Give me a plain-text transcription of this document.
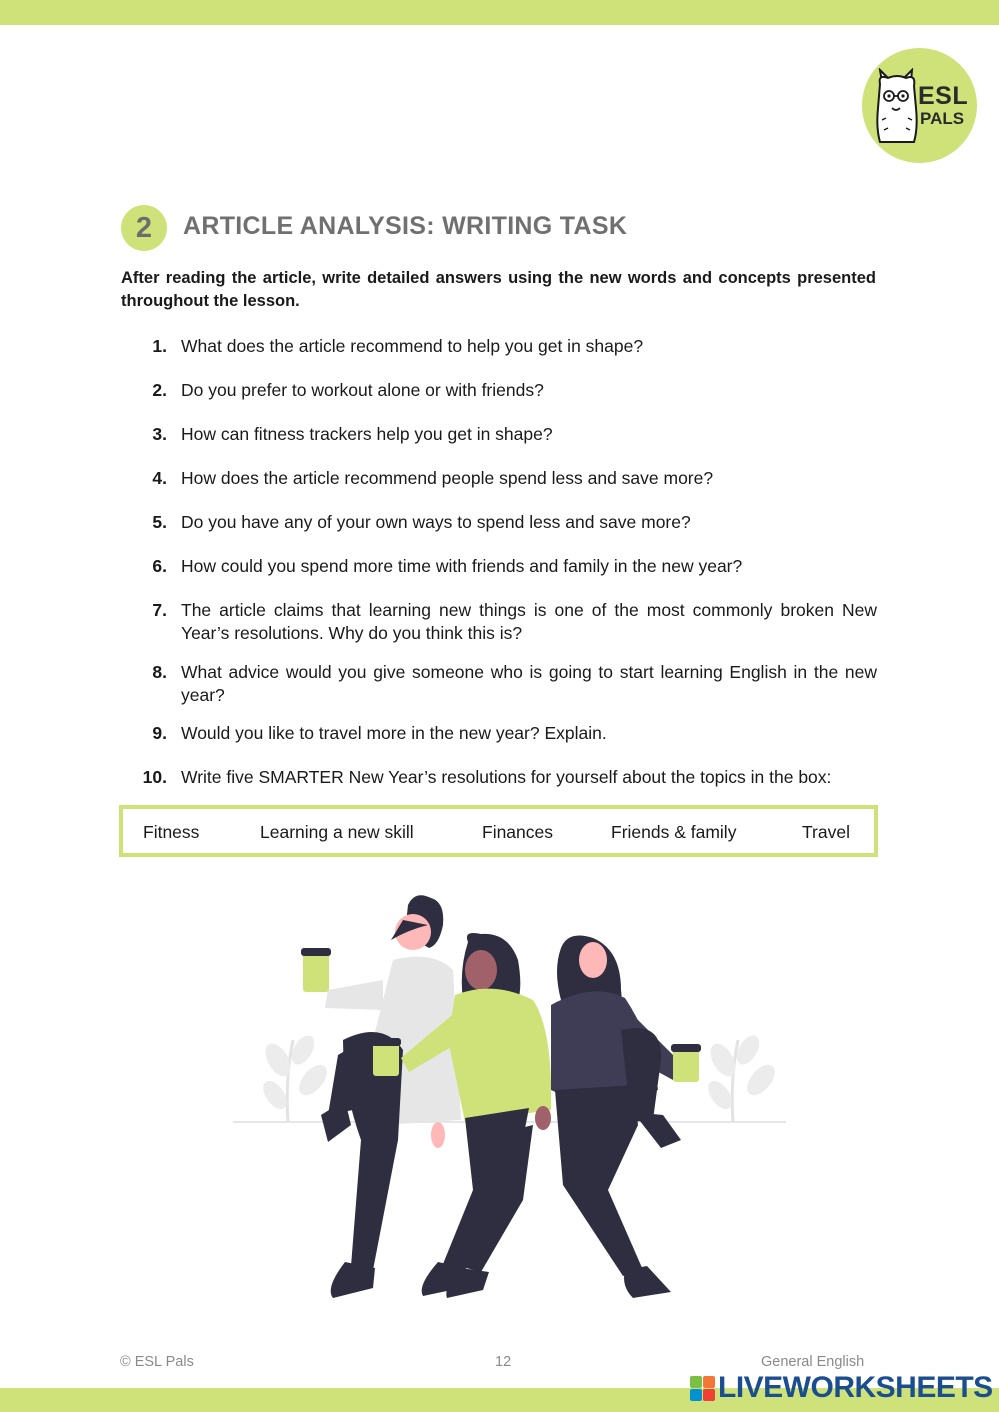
ESL
PALS
2	ARTICLE ANALYSIS: WRITING TASK
After reading the article, write detailed answers using the new words and concepts presented throughout the lesson.
1. What does the article recommend to help you get in shape?
2. Do you prefer to workout alone or with friends?
3. How can fitness trackers help you get in shape?
4. How does the article recommend people spend less and save more?
5. Do you have any of your own ways to spend less and save more?
6. How could you spend more time with friends and family in the new year?
7. The article claims that learning new things is one of the most commonly broken New Year’s resolutions. Why do you think this is?
8. What advice would you give someone who is going to start learning English in the new year?
9. Would you like to travel more in the new year? Explain.
10. Write five SMARTER New Year’s resolutions for yourself about the topics in the box:
Fitness	Learning a new skill	Finances	Friends & family	Travel
© ESL Pals	12	General English
LIVEWORKSHEETS
